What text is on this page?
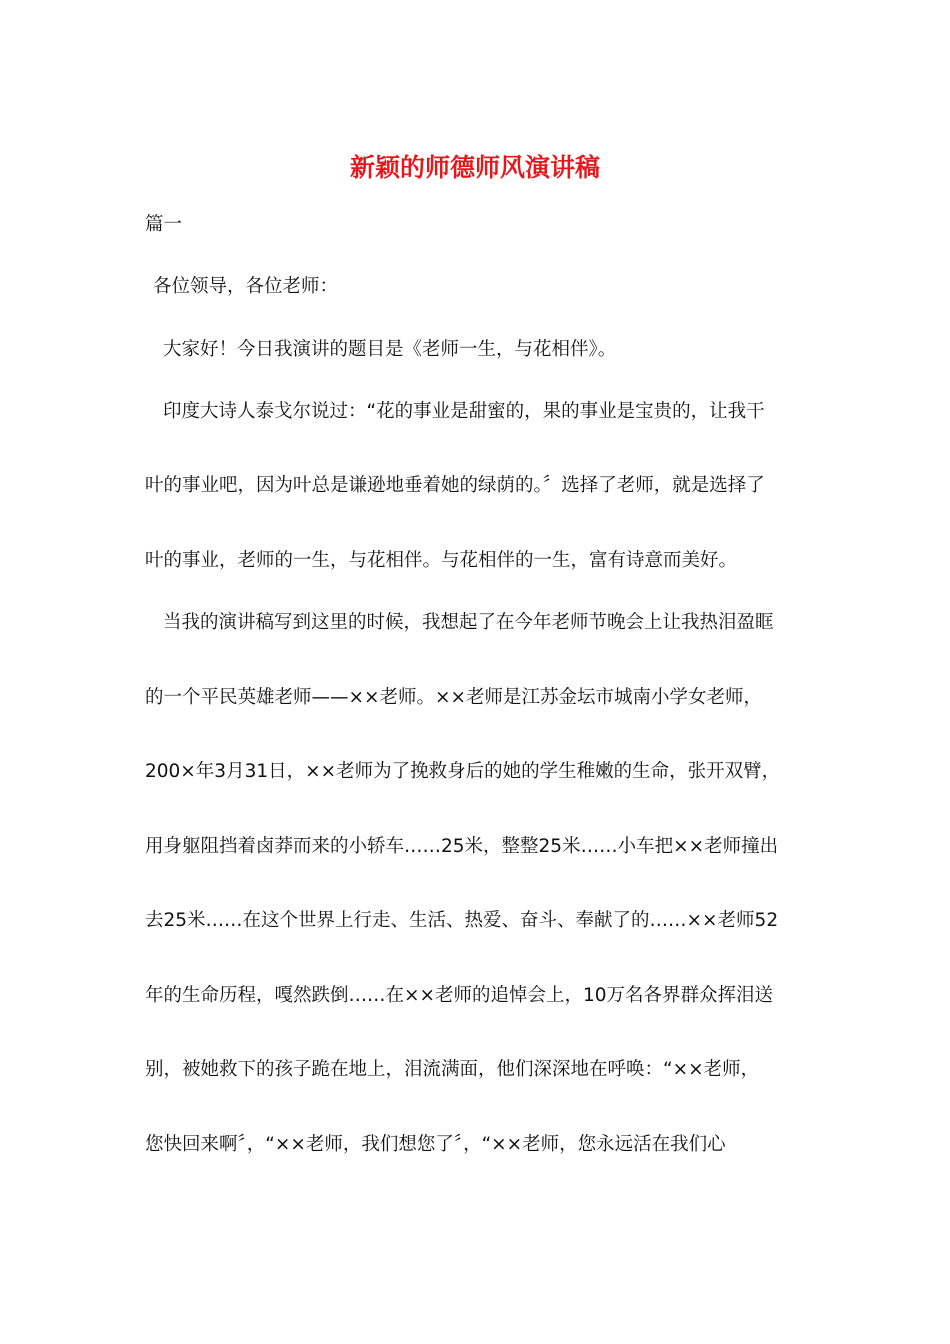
新颖的师德师风演讲稿
篇一
各位领导，各位老师：
大家好！今日我演讲的题目是《老师一生，与花相伴》。
印度大诗人泰戈尔说过：“花的事业是甜蜜的，果的事业是宝贵的，让我干
叶的事业吧，因为叶总是谦逊地垂着她的绿荫的。〞选择了老师，就是选择了
叶的事业，老师的一生，与花相伴。与花相伴的一生，富有诗意而美好。
当我的演讲稿写到这里的时候，我想起了在今年老师节晚会上让我热泪盈眶
的一个平民英雄老师——××老师。××老师是江苏金坛市城南小学女老师，
200×年3月31日，××老师为了挽救身后的她的学生稚嫩的生命，张开双臂，
用身躯阻挡着卤莽而来的小轿车……25米，整整25米……小车把××老师撞出
去25米……在这个世界上行走、生活、热爱、奋斗、奉献了的……××老师52
年的生命历程，嘎然跌倒……在××老师的追悼会上，10万名各界群众挥泪送
别，被她救下的孩子跪在地上，泪流满面，他们深深地在呼唤：“××老师，
您快回来啊〞，“××老师，我们想您了〞，“××老师，您永远活在我们心
